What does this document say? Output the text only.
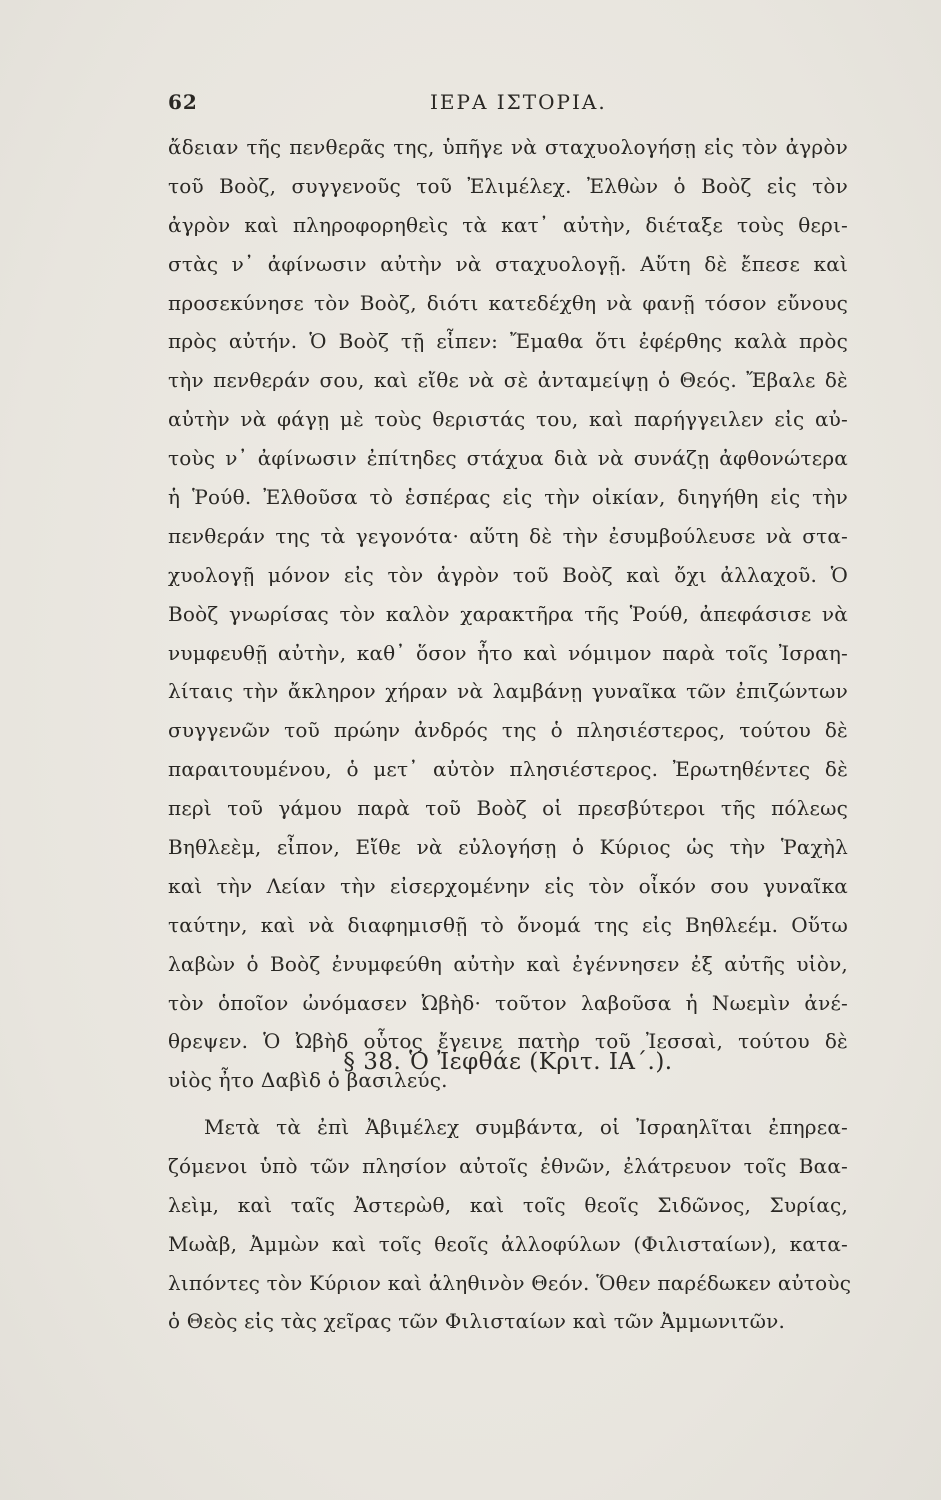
62	ΙΕΡΑ ΙΣΤΟΡΙΑ.
ἄδειαν τῆς πενθερᾶς της, ὑπῆγε νὰ σταχυολογήσῃ εἰς τὸν ἀγρὸν
τοῦ Βοὸζ, συγγενοῦς τοῦ Ἐλιμέλεχ. Ἐλθὼν ὁ Βοὸζ εἰς τὸν
ἀγρὸν καὶ πληροφορηθεὶς τὰ κατ᾽ αὐτὴν, διέταξε τοὺς θερι-
στὰς ν᾽ ἀφίνωσιν αὐτὴν νὰ σταχυολογῇ. Αὕτη δὲ ἔπεσε καὶ
προσεκύνησε τὸν Βοὸζ, διότι κατεδέχθη νὰ φανῇ τόσον εὔνους
πρὸς αὐτήν. Ὁ Βοὸζ τῇ εἶπεν: Ἔμαθα ὅτι ἐφέρθης καλὰ πρὸς
τὴν πενθεράν σου, καὶ εἴθε νὰ σὲ ἀνταμείψῃ ὁ Θεός. Ἔβαλε δὲ
αὐτὴν νὰ φάγῃ μὲ τοὺς θεριστάς του, καὶ παρήγγειλεν εἰς αὐ-
τοὺς ν᾽ ἀφίνωσιν ἐπίτηδες στάχυα διὰ νὰ συνάζῃ ἀφθονώτερα
ἡ Ῥούθ. Ἐλθοῦσα τὸ ἑσπέρας εἰς τὴν οἰκίαν, διηγήθη εἰς τὴν
πενθεράν της τὰ γεγονότα· αὕτη δὲ τὴν ἐσυμβούλευσε νὰ στα-
χυολογῇ μόνον εἰς τὸν ἀγρὸν τοῦ Βοὸζ καὶ ὄχι ἀλλαχοῦ. Ὁ
Βοὸζ γνωρίσας τὸν καλὸν χαρακτῆρα τῆς Ῥούθ, ἀπεφάσισε νὰ
νυμφευθῇ αὐτὴν, καθ᾽ ὅσον ἦτο καὶ νόμιμον παρὰ τοῖς Ἰσραη-
λίταις τὴν ἄκληρον χήραν νὰ λαμβάνῃ γυναῖκα τῶν ἐπιζώντων
συγγενῶν τοῦ πρώην ἀνδρός της ὁ πλησιέστερος, τούτου δὲ
παραιτουμένου, ὁ μετ᾽ αὐτὸν πλησιέστερος. Ἐρωτηθέντες δὲ
περὶ τοῦ γάμου παρὰ τοῦ Βοὸζ οἱ πρεσβύτεροι τῆς πόλεως
Βηθλεὲμ, εἶπον, Εἴθε νὰ εὐλογήσῃ ὁ Κύριος ὡς τὴν Ῥαχὴλ
καὶ τὴν Λείαν τὴν εἰσερχομένην εἰς τὸν οἶκόν σου γυναῖκα
ταύτην, καὶ νὰ διαφημισθῇ τὸ ὄνομά της εἰς Βηθλεέμ. Οὕτω
λαβὼν ὁ Βοὸζ ἐνυμφεύθη αὐτὴν καὶ ἐγέννησεν ἐξ αὐτῆς υἱὸν,
τὸν ὁποῖον ὠνόμασεν Ὠβὴδ· τοῦτον λαβοῦσα ἡ Νωεμὶν ἀνέ-
θρεψεν. Ὁ Ὠβὴδ οὗτος ἔγεινε πατὴρ τοῦ Ἰεσσαὶ, τούτου δὲ
υἱὸς ἦτο Δαβὶδ ὁ βασιλεύς.
§ 38. Ὁ Ἰεφθάε (Κριτ. ΙΑ΄.).
Μετὰ τὰ ἐπὶ Ἀβιμέλεχ συμβάντα, οἱ Ἰσραηλῖται ἐπηρεα-
ζόμενοι ὑπὸ τῶν πλησίον αὐτοῖς ἐθνῶν, ἐλάτρευον τοῖς Βαα-
λεὶμ, καὶ ταῖς Ἀστερὼθ, καὶ τοῖς θεοῖς Σιδῶνος, Συρίας,
Μωὰβ, Ἀμμὼν καὶ τοῖς θεοῖς ἀλλοφύλων (Φιλισταίων), κατα-
λιπόντες τὸν Κύριον καὶ ἀληθινὸν Θεόν. Ὅθεν παρέδωκεν αὐτοὺς
ὁ Θεὸς εἰς τὰς χεῖρας τῶν Φιλισταίων καὶ τῶν Ἀμμωνιτῶν.
